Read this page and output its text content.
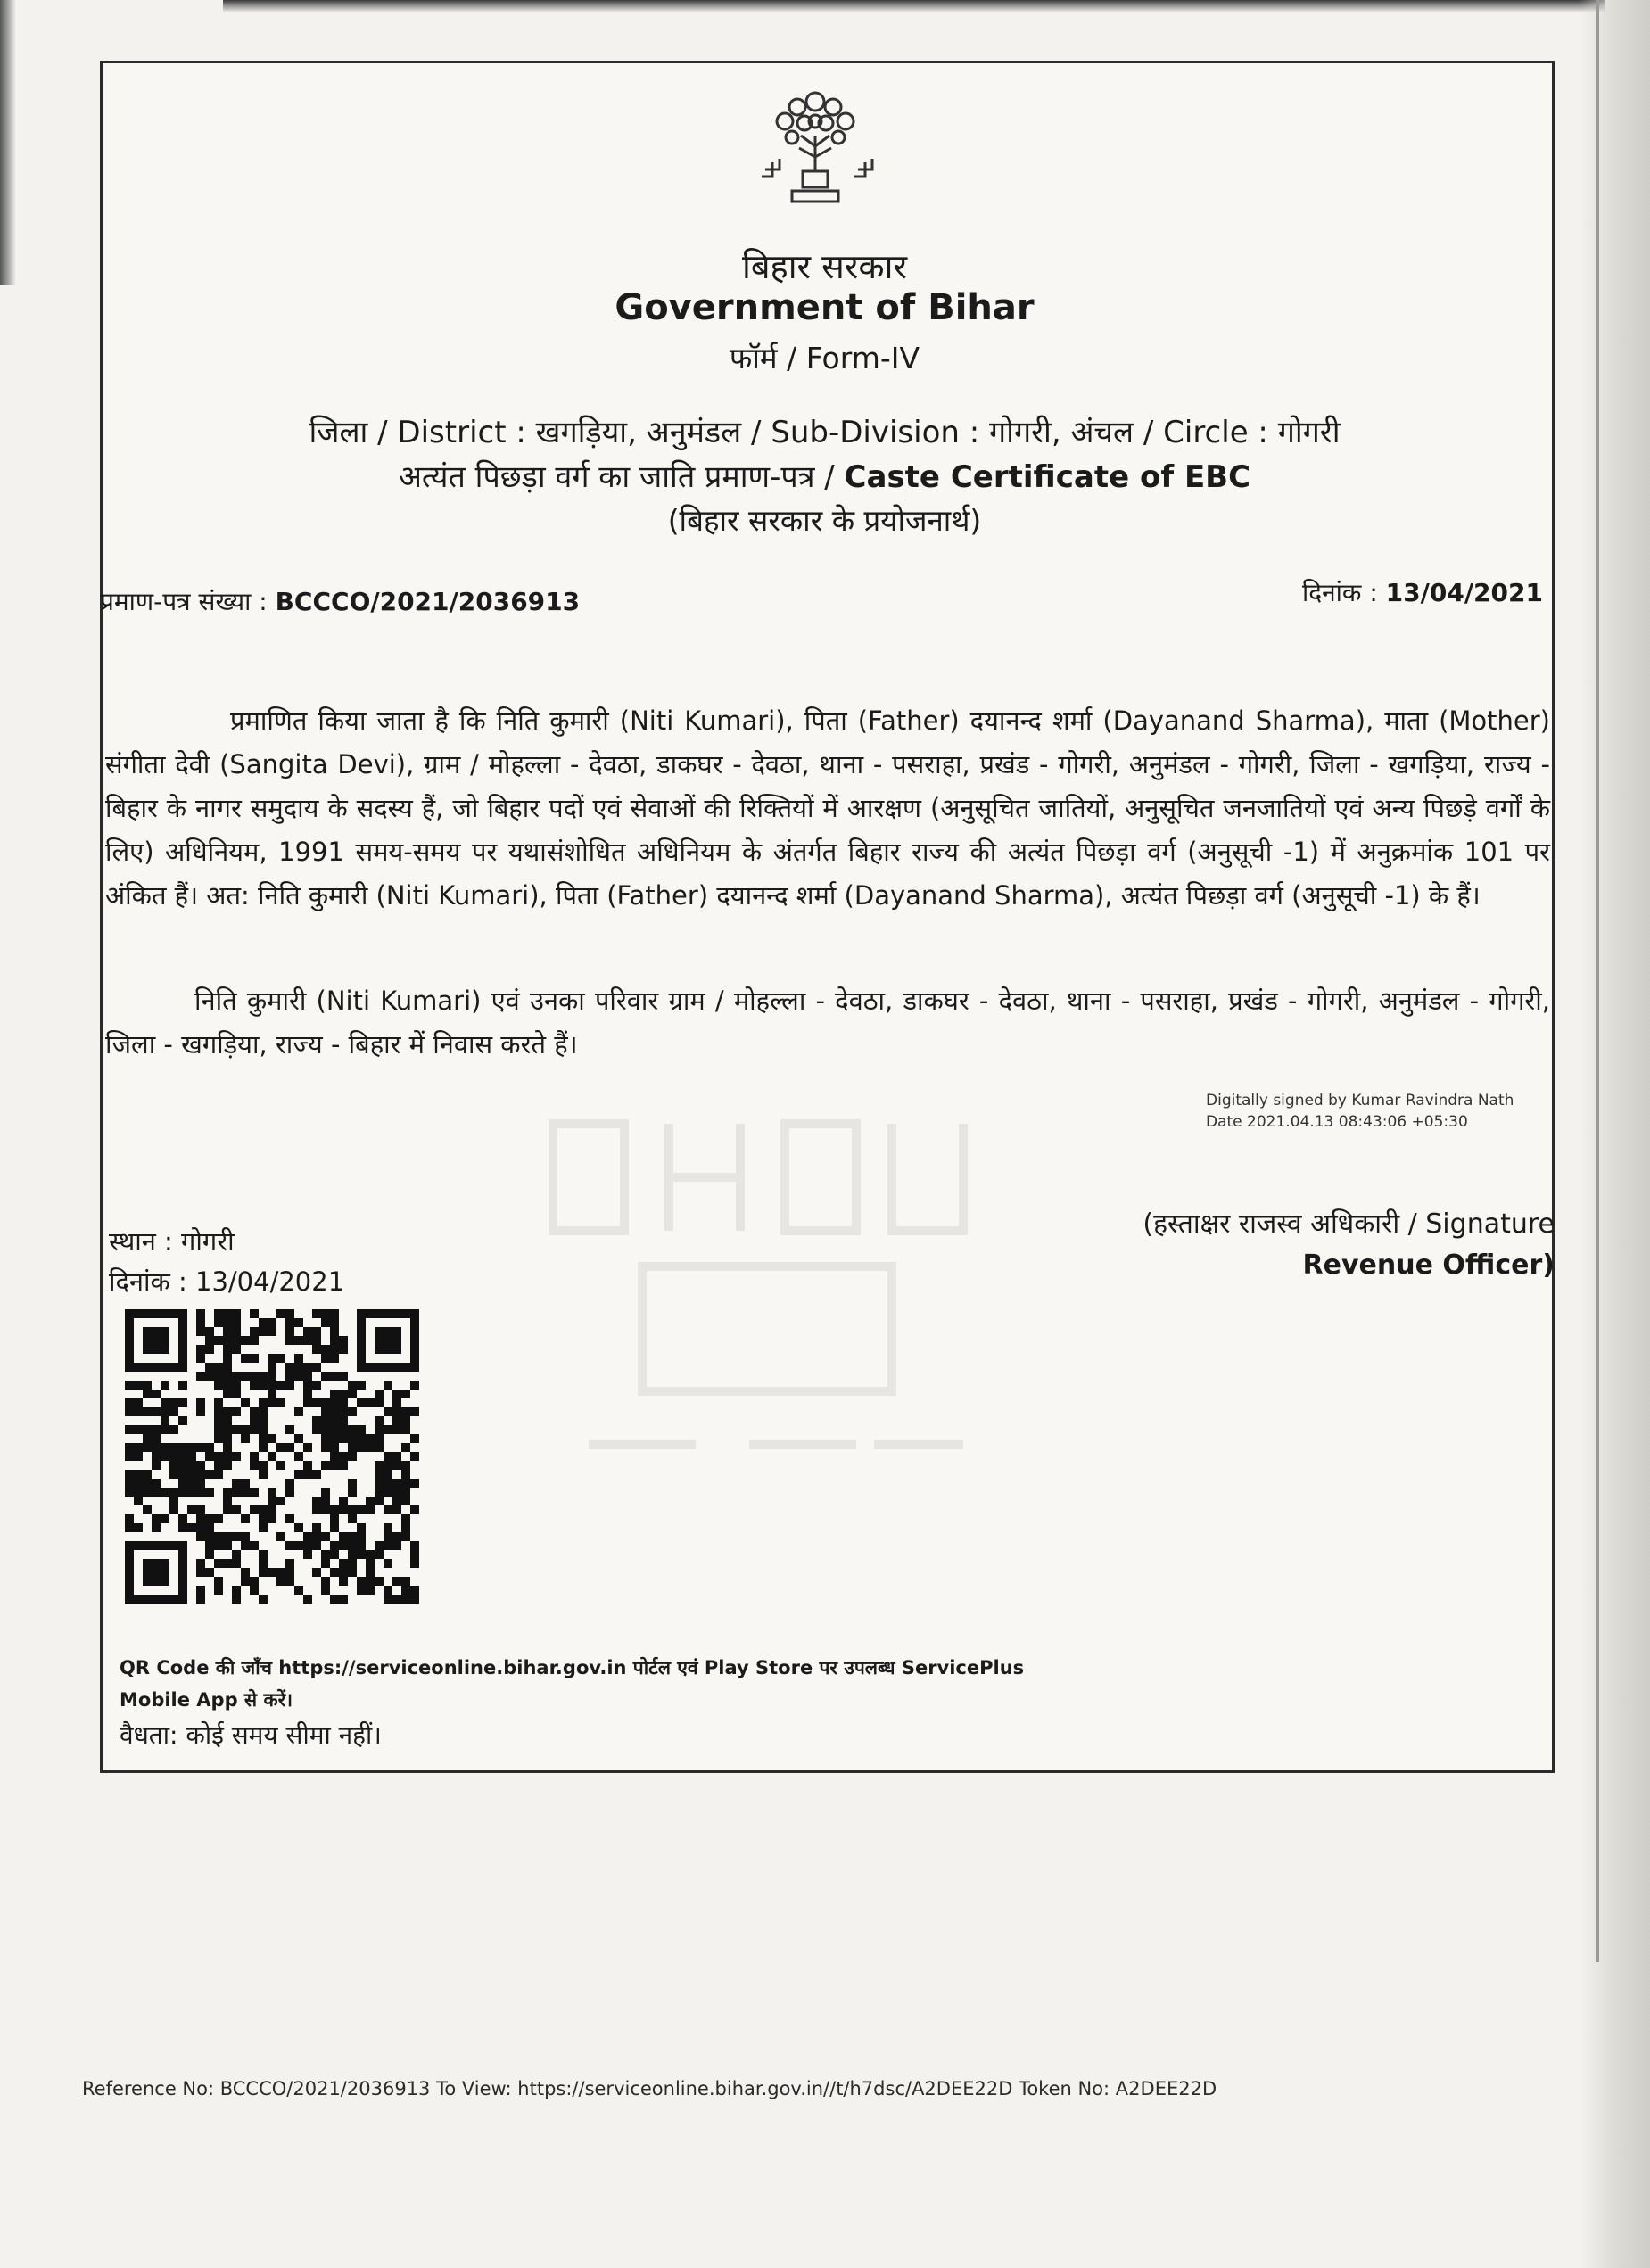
बिहार सरकार
Government of Bihar
फॉर्म / Form-IV
जिला / District : खगड़िया, अनुमंडल / Sub-Division : गोगरी, अंचल / Circle : गोगरी
अत्यंत पिछड़ा वर्ग का जाति प्रमाण-पत्र / Caste Certificate of EBC
(बिहार सरकार के प्रयोजनार्थ)
प्रमाण-पत्र संख्या : BCCCO/2021/2036913	दिनांक : 13/04/2021
प्रमाणित किया जाता है कि निति कुमारी (Niti Kumari), पिता (Father) दयानन्द शर्मा (Dayanand Sharma), माता (Mother) संगीता देवी (Sangita Devi), ग्राम / मोहल्ला - देवठा, डाकघर - देवठा, थाना - पसराहा, प्रखंड - गोगरी, अनुमंडल - गोगरी, जिला - खगड़िया, राज्य - बिहार के नागर समुदाय के सदस्य हैं, जो बिहार पदों एवं सेवाओं की रिक्तियों में आरक्षण (अनुसूचित जातियों, अनुसूचित जनजातियों एवं अन्य पिछड़े वर्गों के लिए) अधिनियम, 1991 समय-समय पर यथासंशोधित अधिनियम के अंतर्गत बिहार राज्य की अत्यंत पिछड़ा वर्ग (अनुसूची -1) में अनुक्रमांक 101 पर अंकित हैं। अत: निति कुमारी (Niti Kumari), पिता (Father) दयानन्द शर्मा (Dayanand Sharma), अत्यंत पिछड़ा वर्ग (अनुसूची -1) के हैं।
निति कुमारी (Niti Kumari) एवं उनका परिवार ग्राम / मोहल्ला - देवठा, डाकघर - देवठा, थाना - पसराहा, प्रखंड - गोगरी, अनुमंडल - गोगरी, जिला - खगड़िया, राज्य - बिहार में निवास करते हैं।
Digitally signed by Kumar Ravindra Nath
Date 2021.04.13 08:43:06 +05:30
स्थान : गोगरी
दिनांक : 13/04/2021
(हस्ताक्षर राजस्व अधिकारी / Signature
Revenue Officer)
QR Code की जाँच https://serviceonline.bihar.gov.in पोर्टल एवं Play Store पर उपलब्ध ServicePlus
Mobile App से करें।
वैधता: कोई समय सीमा नहीं।
Reference No: BCCCO/2021/2036913 To View: https://serviceonline.bihar.gov.in//t/h7dsc/A2DEE22D Token No: A2DEE22D
